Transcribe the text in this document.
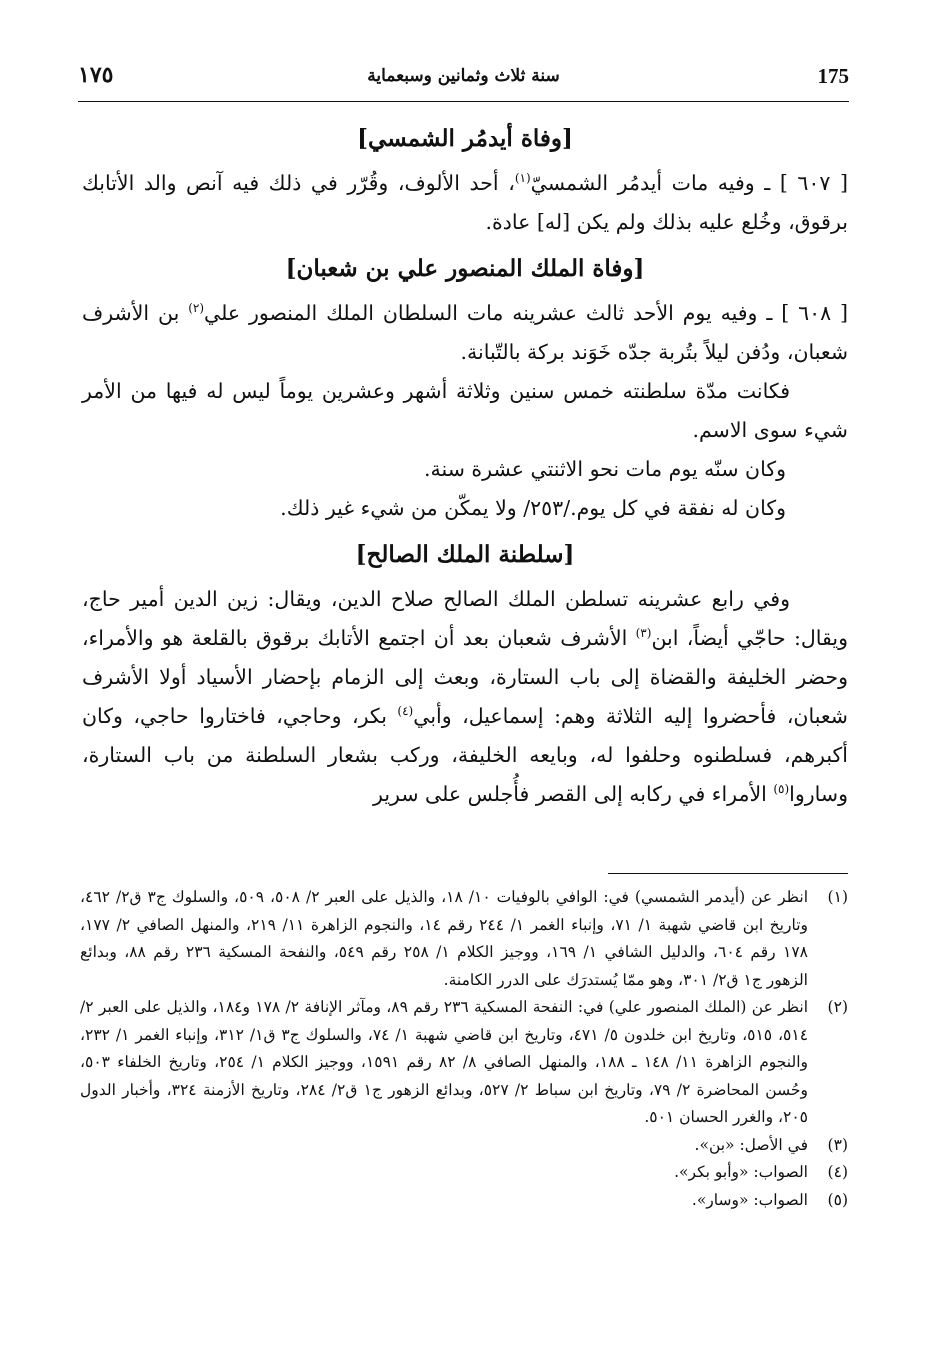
175
سنة ثلاث وثمانين وسبعماية
١٧٥
[وفاة أيدمُر الشمسي]

[ ٦٠٧ ] ـ وفيه مات أيدمُر الشمسيّ$^{(١)}$، أحد الألوف، وقُرّر في ذلك فيه آنص والد الأتابك برقوق، وخُلع عليه بذلك ولم يكن [له] عادة.

[وفاة الملك المنصور علي بن شعبان]

[ ٦٠٨ ] ـ وفيه يوم الأحد ثالث عشرينه مات السلطان الملك المنصور علي$^{(٢)}$ بن الأشرف شعبان، ودُفن ليلاً بتُربة جدّه خَوَند بركة بالتّبانة.

فكانت مدّة سلطنته خمس سنين وثلاثة أشهر وعشرين يوماً ليس له فيها من الأمر شيء سوى الاسم.

وكان سنّه يوم مات نحو الاثنتي عشرة سنة.

وكان له نفقة في كل يوم./٢٥٣/ ولا يمكّن من شيء غير ذلك.

[سلطنة الملك الصالح]

وفي رابع عشرينه تسلطن الملك الصالح صلاح الدين، ويقال: زين الدين أمير حاج، ويقال: حاجّي أيضاً، ابن$^{(٣)}$ الأشرف شعبان بعد أن اجتمع الأتابك برقوق بالقلعة هو والأمراء، وحضر الخليفة والقضاة إلى باب الستارة، وبعث إلى الزمام بإحضار الأسياد أولا الأشرف شعبان، فأحضروا إليه الثلاثة وهم: إسماعيل، وأبي$^{(٤)}$ بكر، وحاجي، فاختاروا حاجي، وكان أكبرهم، فسلطنوه وحلفوا له، وبايعه الخليفة، وركب بشعار السلطنة من باب الستارة، وساروا$^{(٥)}$ الأمراء في ركابه إلى القصر فأُجلس على سرير

(١)
انظر عن (أيدمر الشمسي) في: الوافي بالوفيات ١٠/ ١٨، والذيل على العبر ٢/ ٥٠٨، ٥٠٩، والسلوك ج٣ ق٢/ ٤٦٢، وتاريخ ابن قاضي شهبة ١/ ٧١، وإنباء الغمر ١/ ٢٤٤ رقم ١٤، والنجوم الزاهرة ١١/ ٢١٩، والمنهل الصافي ٢/ ١٧٧، ١٧٨ رقم ٦٠٤، والدليل الشافي ١/ ١٦٩، ووجيز الكلام ١/ ٢٥٨ رقم ٥٤٩، والنفحة المسكية ٢٣٦ رقم ٨٨، وبدائع الزهور ج١ ق٢/ ٣٠١، وهو ممّا يُستدرَك على الدرر الكامنة.
(٢)
انظر عن (الملك المنصور علي) في: النفحة المسكية ٢٣٦ رقم ٨٩، ومآثر الإنافة ٢/ ١٧٨ و١٨٤، والذيل على العبر ٢/ ٥١٤، ٥١٥، وتاريخ ابن خلدون ٥/ ٤٧١، وتاريخ ابن قاضي شهبة ١/ ٧٤، والسلوك ج٣ ق١/ ٣١٢، وإنباء الغمر ١/ ٢٣٢، والنجوم الزاهرة ١١/ ١٤٨ ـ ١٨٨، والمنهل الصافي ٨/ ٨٢ رقم ١٥٩١، ووجيز الكلام ١/ ٢٥٤، وتاريخ الخلفاء ٥٠٣، وحُسن المحاضرة ٢/ ٧٩، وتاريخ ابن سباط ٢/ ٥٢٧، وبدائع الزهور ج١ ق٢/ ٢٨٤، وتاريخ الأزمنة ٣٢٤، وأخبار الدول ٢٠٥، والغرر الحسان ٥٠١.
(٣)
في الأصل: «بن».
(٤)
الصواب: «وأبو بكر».
(٥)
الصواب: «وسار».
